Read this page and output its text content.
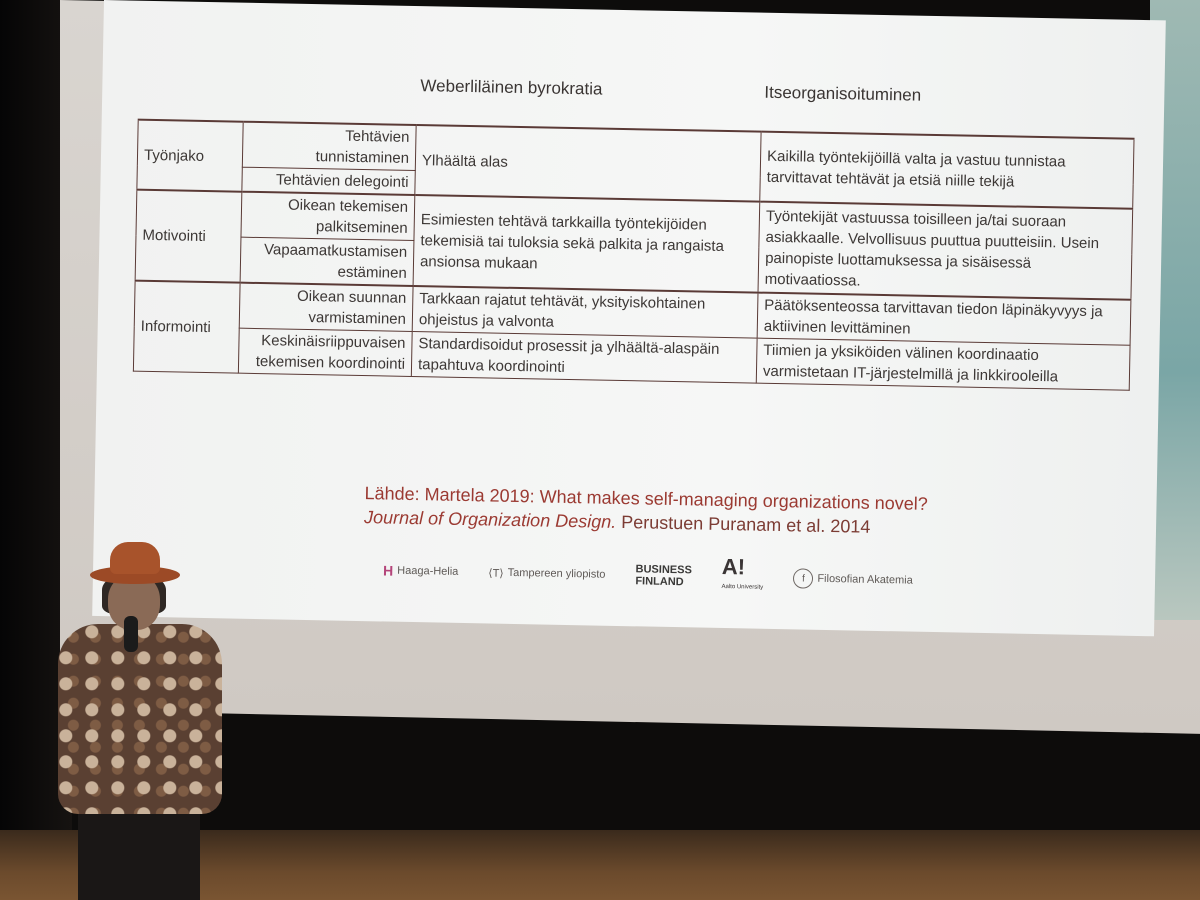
Weberliläinen byrokratia	Itseorganisoituminen
Työnjako	Tehtävien tunnistaminen	Ylhäältä alas	Kaikilla työntekijöillä valta ja vastuu tunnistaa tarvittavat tehtävät ja etsiä niille tekijä
	Tehtävien delegointi		
Motivointi	Oikean tekemisen palkitseminen	Esimiesten tehtävä tarkkailla työntekijöiden tekemisiä tai tuloksia sekä palkita ja rangaista ansionsa mukaan	Työntekijät vastuussa toisilleen ja/tai suoraan asiakkaalle. Velvollisuus puuttua puutteisiin. Usein painopiste luottamuksessa ja sisäisessä motivaatiossa.
	Vapaamatkustamisen estäminen		
Informointi	Oikean suunnan varmistaminen	Tarkkaan rajatut tehtävät, yksityiskohtainen ohjeistus ja valvonta	Päätöksenteossa tarvittavan tiedon läpinäkyvyys ja aktiivinen levittäminen
	Keskinäisriippuvaisen tekemisen koordinointi	Standardisoidut prosessit ja ylhäältä-alaspäin tapahtuva koordinointi	Tiimien ja yksiköiden välinen koordinaatio varmistetaan IT-järjestelmillä ja linkkirooleilla
Lähde: Martela 2019: What makes self-managing organizations novel?
Journal of Organization Design. Perustuen Puranam et al. 2014
H Haaga-Helia	⟨T⟩ Tampereen yliopisto	BUSINESS
FINLAND
A!
Aalto University
f	Filosofian Akatemia
